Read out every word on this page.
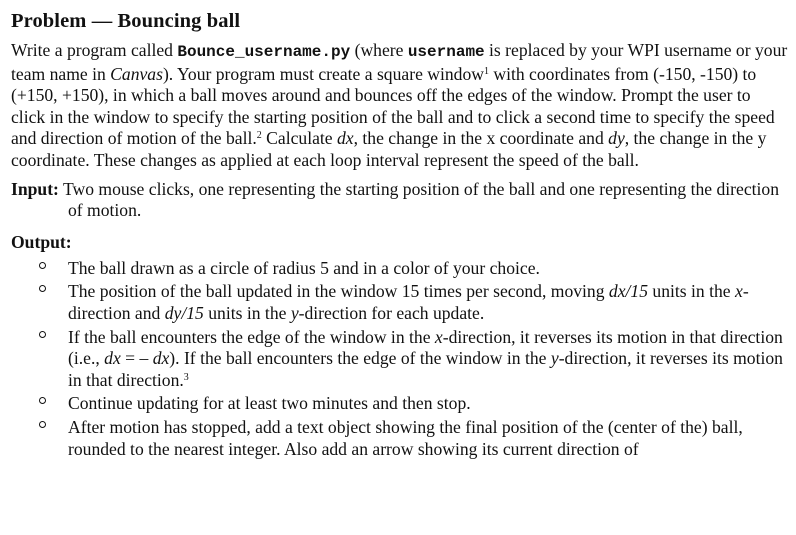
Problem — Bouncing ball

Write a program called Bounce_username.py (where username is replaced by your WPI username or your team name in Canvas). Your program must create a square window$^1$ with coordinates from (-150, -150) to (+150, +150), in which a ball moves around and bounces off the edges of the window. Prompt the user to click in the window to specify the starting position of the ball and to click a second time to specify the speed and direction of motion of the ball.$^2$ Calculate dx, the change in the x coordinate and dy, the change in the y coordinate. These changes as applied at each loop interval represent the speed of the ball.

Input: Two mouse clicks, one representing the starting position of the ball and one representing the direction of motion.
Output:
The ball drawn as a circle of radius 5 and in a color of your choice.
The position of the ball updated in the window 15 times per second, moving dx/15 units in the x-direction and dy/15 units in the y-direction for each update.
If the ball encounters the edge of the window in the x-direction, it reverses its motion in that direction (i.e., dx = – dx). If the ball encounters the edge of the window in the y-direction, it reverses its motion in that direction.$^3$
Continue updating for at least two minutes and then stop.
After motion has stopped, add a text object showing the final position of the (center of the) ball, rounded to the nearest integer. Also add an arrow showing its current direction of
